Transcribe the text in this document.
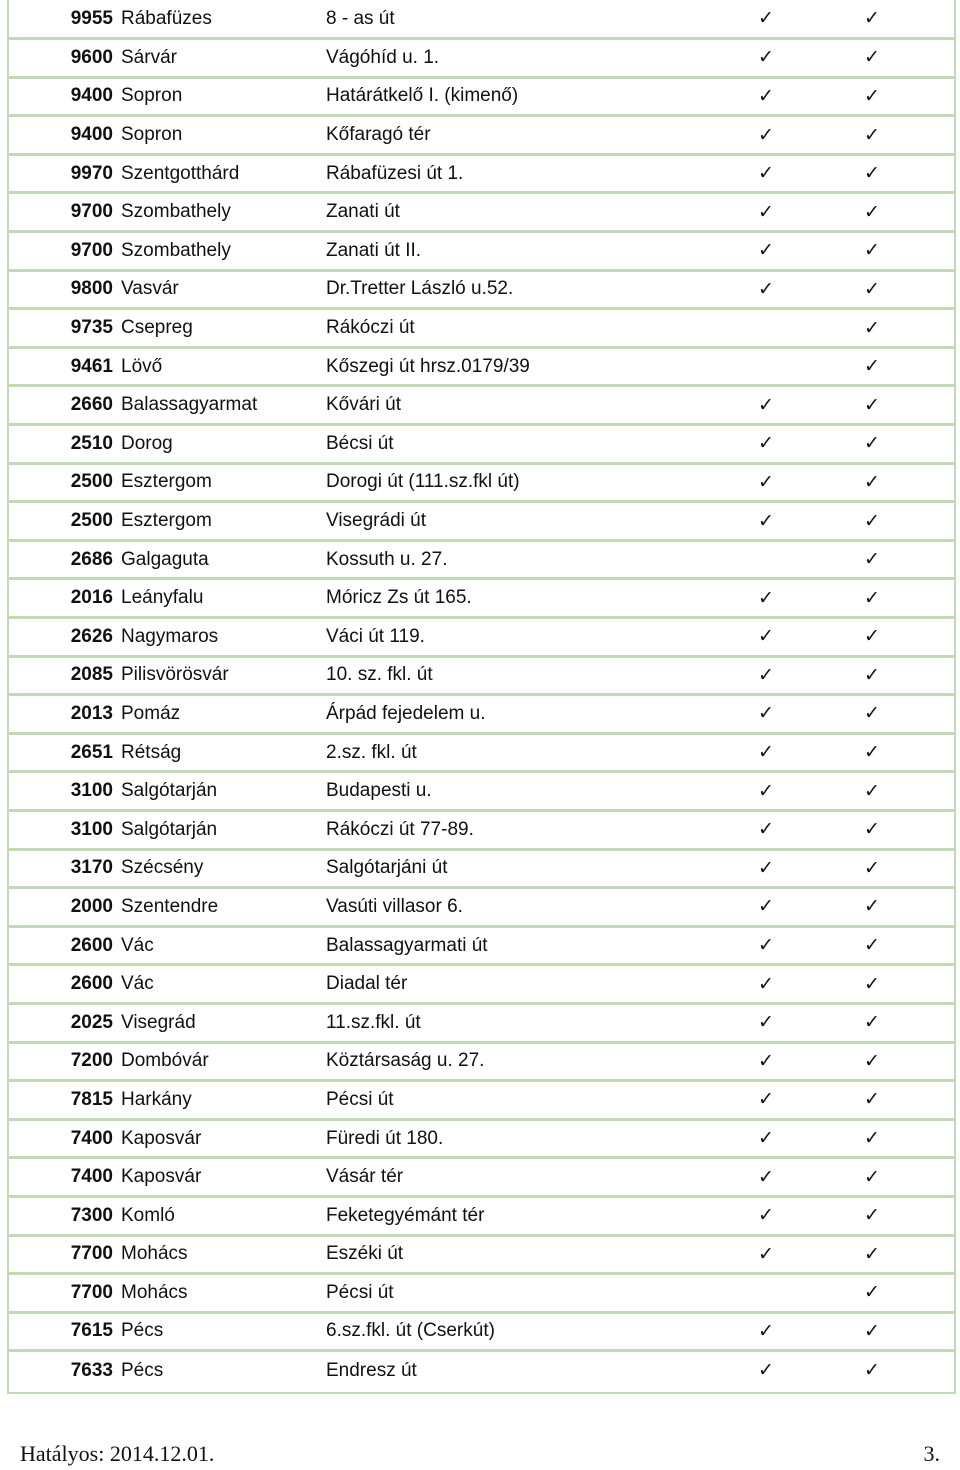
9955	Rábafüzes	8 - as út	✓	✓
9600	Sárvár	Vágóhíd u. 1.	✓	✓
9400	Sopron	Határátkelő I. (kimenő)	✓	✓
9400	Sopron	Kőfaragó tér	✓	✓
9970	Szentgotthárd	Rábafüzesi út 1.	✓	✓
9700	Szombathely	Zanati út	✓	✓
9700	Szombathely	Zanati út II.	✓	✓
9800	Vasvár	Dr.Tretter László u.52.	✓	✓
9735	Csepreg	Rákóczi út		✓
9461	Lövő	Kőszegi út hrsz.0179/39		✓
2660	Balassagyarmat	Kővári út	✓	✓
2510	Dorog	Bécsi út	✓	✓
2500	Esztergom	Dorogi út (111.sz.fkl út)	✓	✓
2500	Esztergom	Visegrádi út	✓	✓
2686	Galgaguta	Kossuth u. 27.		✓
2016	Leányfalu	Móricz Zs út 165.	✓	✓
2626	Nagymaros	Váci út 119.	✓	✓
2085	Pilisvörösvár	10. sz. fkl. út	✓	✓
2013	Pomáz	Árpád fejedelem u.	✓	✓
2651	Rétság	2.sz. fkl. út	✓	✓
3100	Salgótarján	Budapesti u.	✓	✓
3100	Salgótarján	Rákóczi út 77-89.	✓	✓
3170	Szécsény	Salgótarjáni út	✓	✓
2000	Szentendre	Vasúti villasor 6.	✓	✓
2600	Vác	Balassagyarmati út	✓	✓
2600	Vác	Diadal tér	✓	✓
2025	Visegrád	11.sz.fkl. út	✓	✓
7200	Dombóvár	Köztársaság u. 27.	✓	✓
7815	Harkány	Pécsi út	✓	✓
7400	Kaposvár	Füredi út 180.	✓	✓
7400	Kaposvár	Vásár tér	✓	✓
7300	Komló	Feketegyémánt tér	✓	✓
7700	Mohács	Eszéki út	✓	✓
7700	Mohács	Pécsi út		✓
7615	Pécs	6.sz.fkl. út (Cserkút)	✓	✓
7633	Pécs	Endresz út	✓	✓
Hatályos: 2014.12.01.	3.
